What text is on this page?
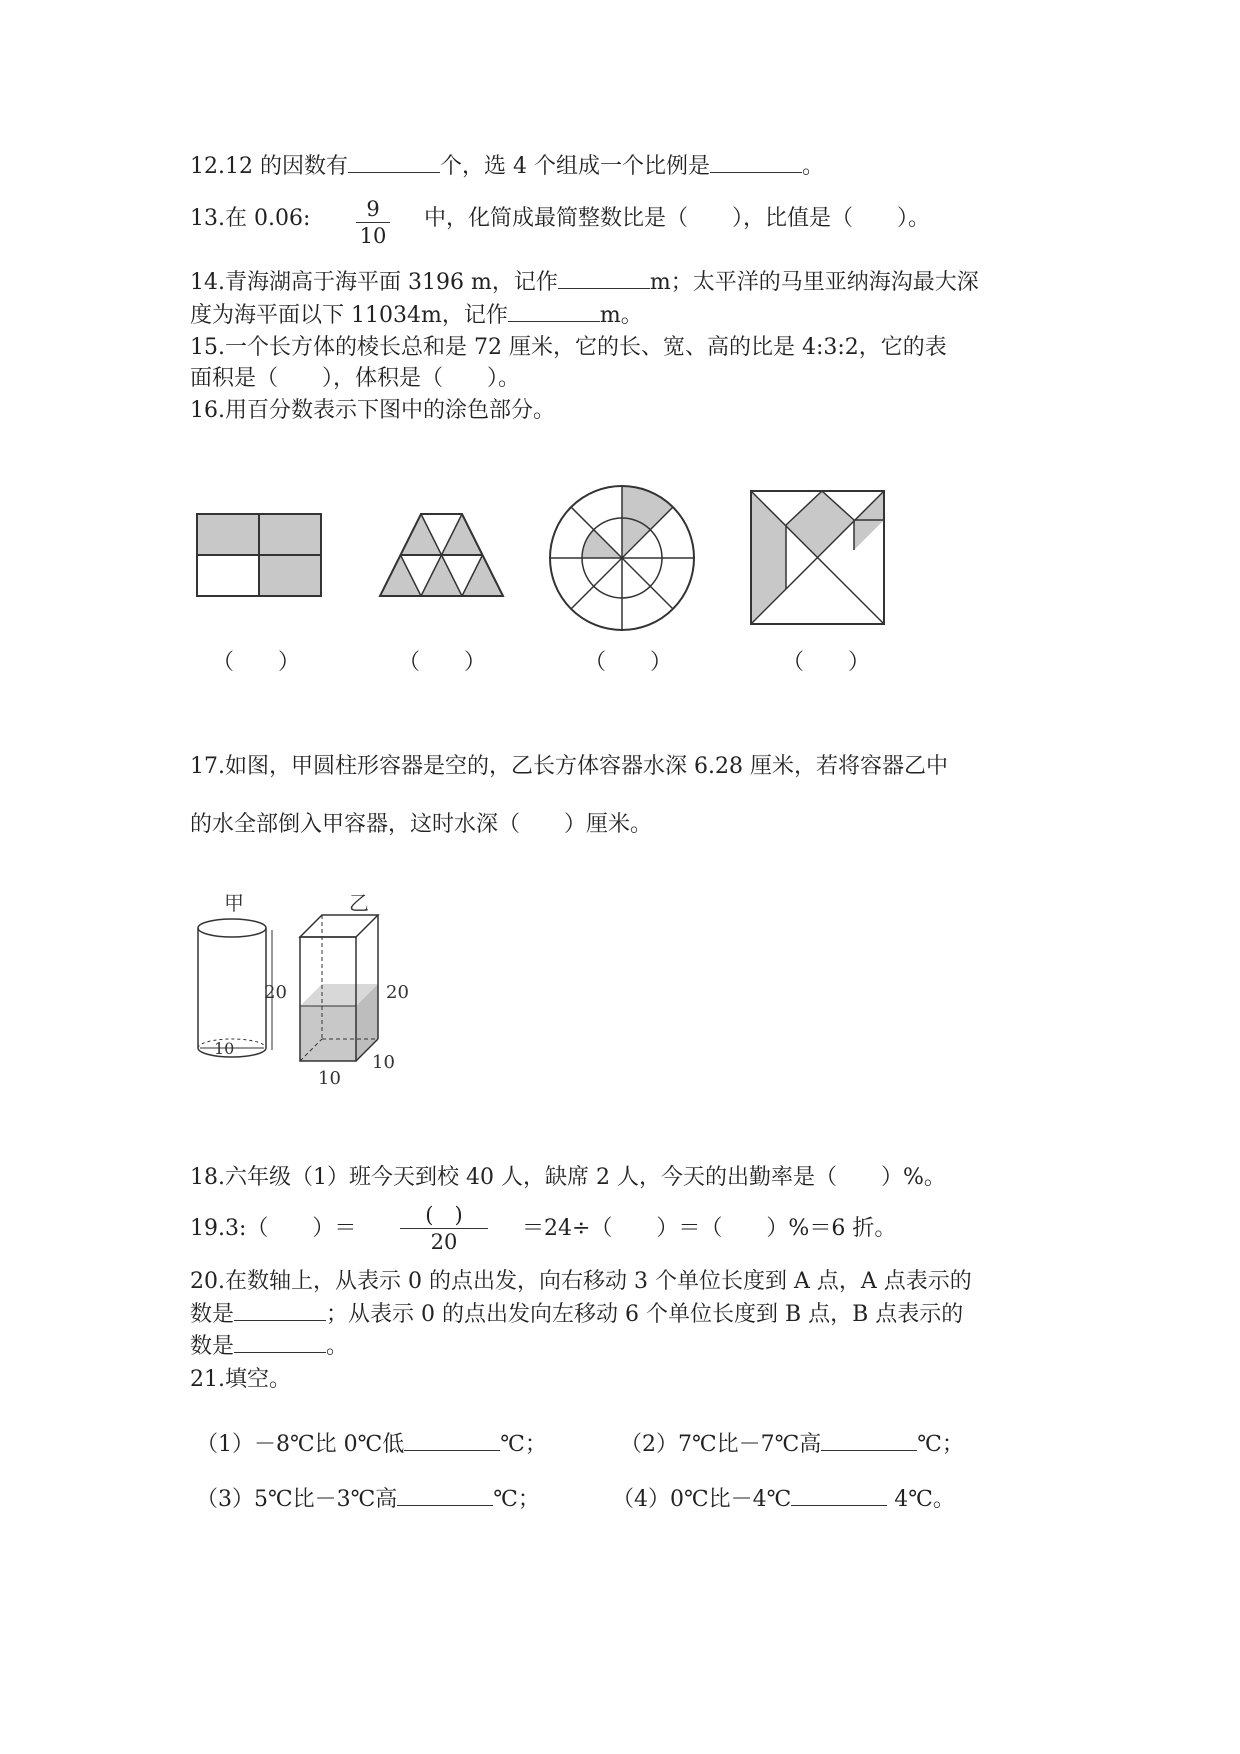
12.12 的因数有	个，选 4 个组成一个比例是	。
13.在 0.06: $\frac{9}{10}$ 中，化简成最简整数比是（　　），比值是（　　）。
14.青海湖高于海平面 3196 m，记作	m；太平洋的马里亚纳海沟最大深
度为海平面以下 11034m，记作	m。
15.一个长方体的棱长总和是 72 厘米，它的长、宽、高的比是 4:3:2，它的表
面积是（　　），体积是（　　）。
16.用百分数表示下图中的涂色部分。
（　　）	（　　）	（　　）	（　　）
17.如图，甲圆柱形容器是空的，乙长方体容器水深 6.28 厘米，若将容器乙中
的水全部倒入甲容器，这时水深（　　）厘米。
甲
10
20
乙
20
10
10
18.六年级（1）班今天到校 40 人，缺席 2 人，今天的出勤率是（　　）%。
19.3:（　　）＝
(　)
20
＝24÷（　　）＝（　　）%＝6 折。
20.在数轴上，从表示 0 的点出发，向右移动 3 个单位长度到 A 点，A 点表示的
数是	；从表示 0 的点出发向左移动 6 个单位长度到 B 点，B 点表示的
数是	。
21.填空。
（1）－8℃比 0℃低	℃；	（2）7℃比－7℃高	℃；
（3）5℃比－3℃高	℃；	（4）0℃比－4℃	4℃。
